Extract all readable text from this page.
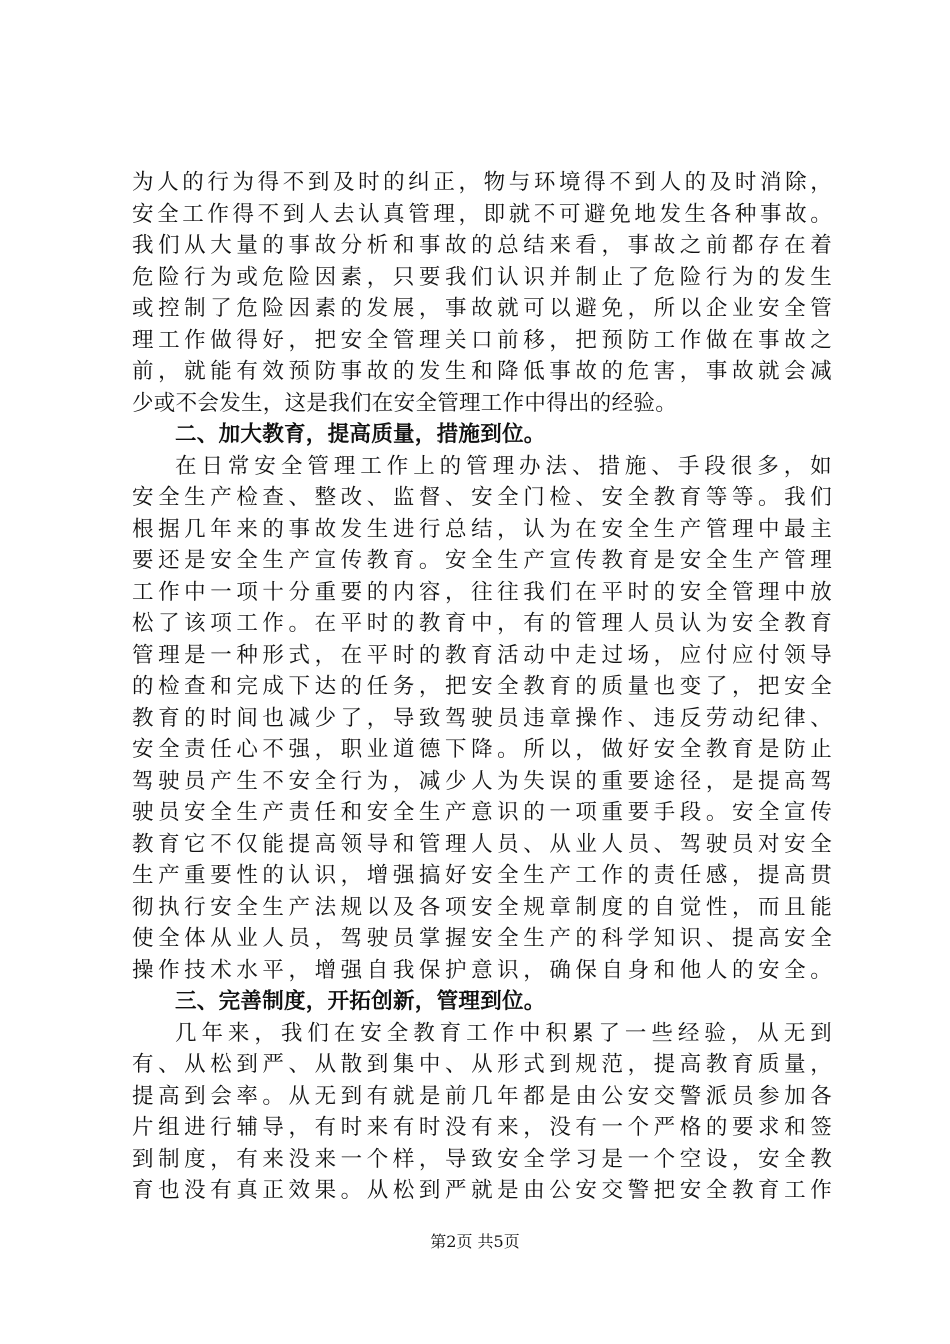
为人的行为得不到及时的纠正，物与环境得不到人的及时消除，
安全工作得不到人去认真管理，即就不可避免地发生各种事故。
我们从大量的事故分析和事故的总结来看，事故之前都存在着
危险行为或危险因素，只要我们认识并制止了危险行为的发生
或控制了危险因素的发展，事故就可以避免，所以企业安全管
理工作做得好，把安全管理关口前移，把预防工作做在事故之
前，就能有效预防事故的发生和降低事故的危害，事故就会减
少或不会发生，这是我们在安全管理工作中得出的经验。
二、加大教育，提高质量，措施到位。
在日常安全管理工作上的管理办法、措施、手段很多，如
安全生产检查、整改、监督、安全门检、安全教育等等。我们
根据几年来的事故发生进行总结，认为在安全生产管理中最主
要还是安全生产宣传教育。安全生产宣传教育是安全生产管理
工作中一项十分重要的内容，往往我们在平时的安全管理中放
松了该项工作。在平时的教育中，有的管理人员认为安全教育
管理是一种形式，在平时的教育活动中走过场，应付应付领导
的检查和完成下达的任务，把安全教育的质量也变了，把安全
教育的时间也减少了，导致驾驶员违章操作、违反劳动纪律、
安全责任心不强，职业道德下降。所以，做好安全教育是防止
驾驶员产生不安全行为，减少人为失误的重要途径，是提高驾
驶员安全生产责任和安全生产意识的一项重要手段。安全宣传
教育它不仅能提高领导和管理人员、从业人员、驾驶员对安全
生产重要性的认识，增强搞好安全生产工作的责任感，提高贯
彻执行安全生产法规以及各项安全规章制度的自觉性，而且能
使全体从业人员，驾驶员掌握安全生产的科学知识、提高安全
操作技术水平，增强自我保护意识，确保自身和他人的安全。
三、完善制度，开拓创新，管理到位。
几年来，我们在安全教育工作中积累了一些经验，从无到
有、从松到严、从散到集中、从形式到规范，提高教育质量，
提高到会率。从无到有就是前几年都是由公安交警派员参加各
片组进行辅导，有时来有时没有来，没有一个严格的要求和签
到制度，有来没来一个样，导致安全学习是一个空设，安全教
育也没有真正效果。从松到严就是由公安交警把安全教育工作
第2页 共5页
